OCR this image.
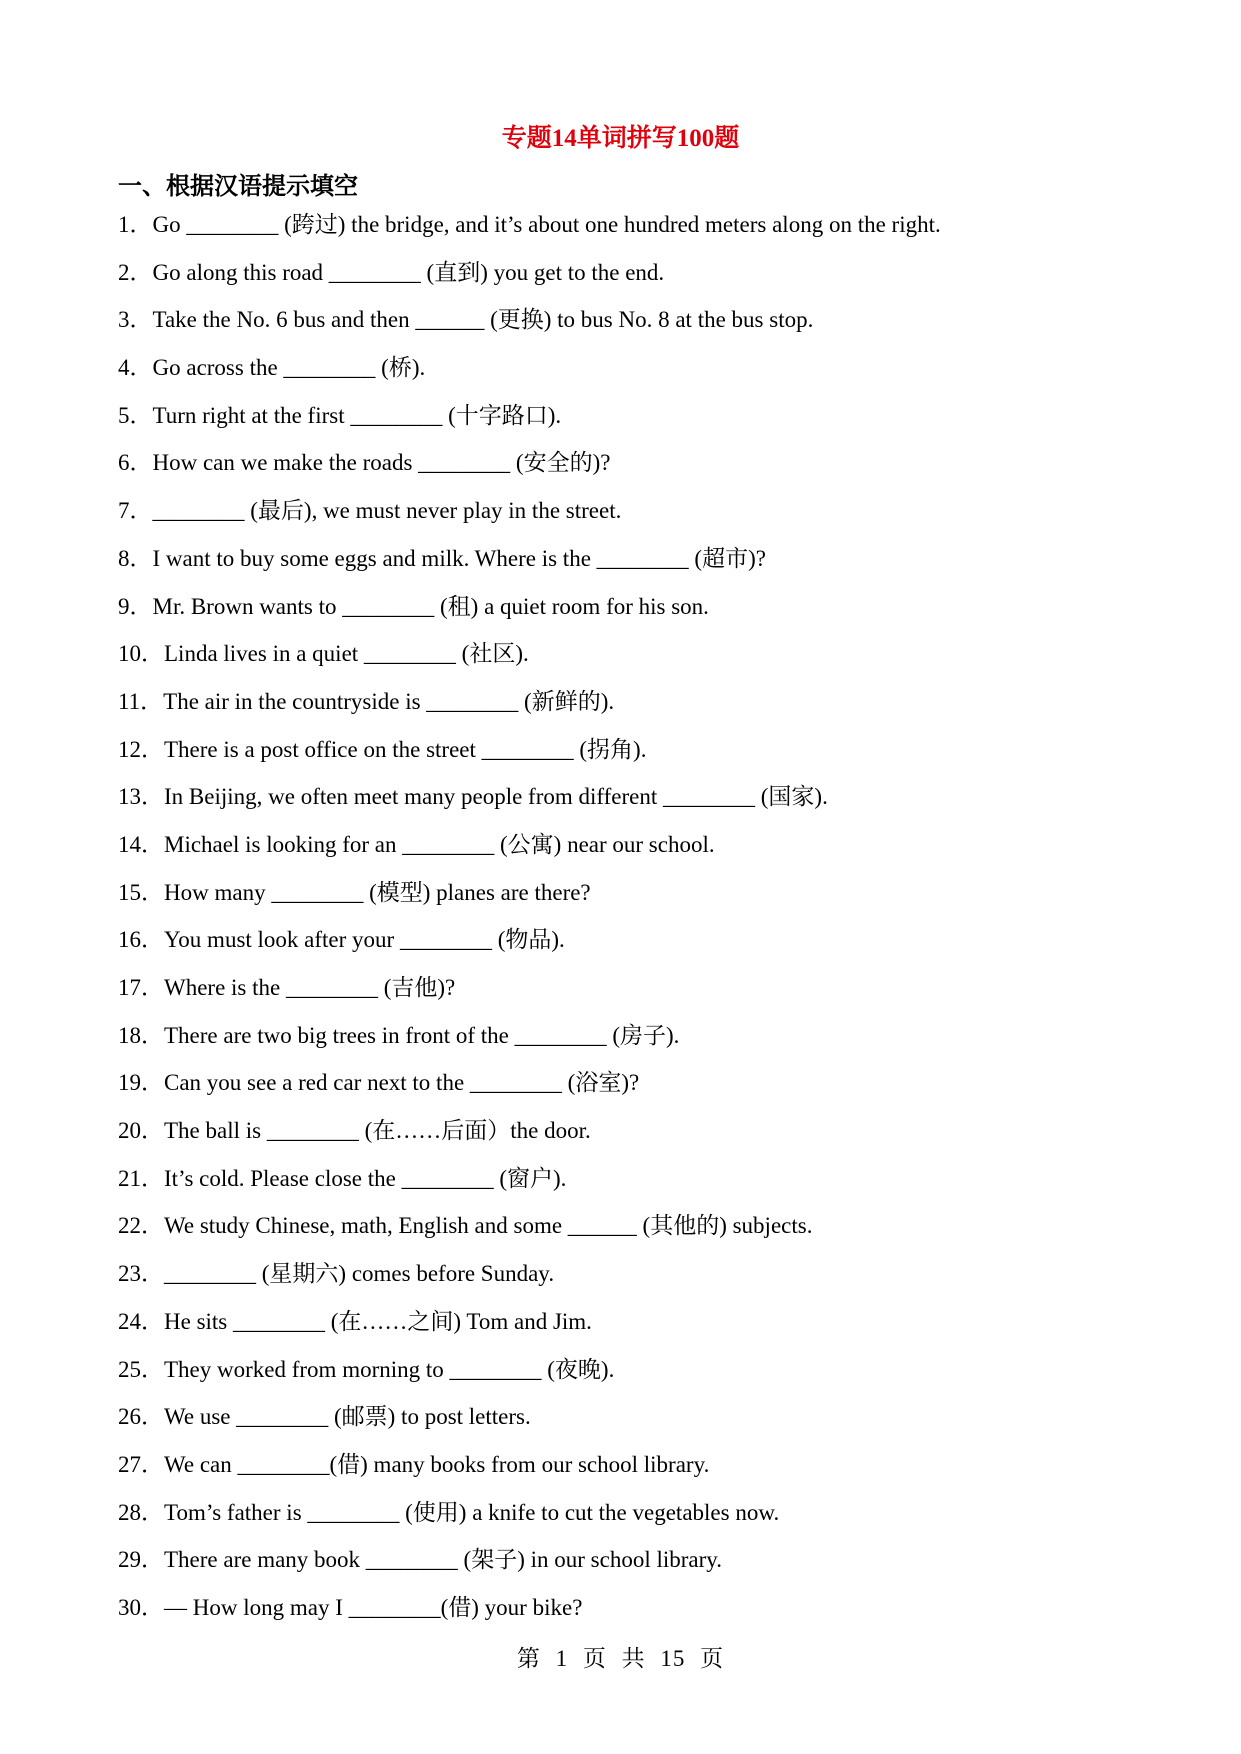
专题14单词拼写100题
一、根据汉语提示填空
1． Go ________ (跨过) the bridge, and it’s about one hundred meters along on the right.
2． Go along this road ________ (直到) you get to the end.
3． Take the No. 6 bus and then ______ (更换) to bus No. 8 at the bus stop.
4． Go across the ________ (桥).
5． Turn right at the first ________ (十字路口).
6． How can we make the roads ________ (安全的)?
7． ________ (最后), we must never play in the street.
8． I want to buy some eggs and milk. Where is the ________ (超市)?
9． Mr. Brown wants to ________ (租) a quiet room for his son.
10． Linda lives in a quiet ________ (社区).
11． The air in the countryside is ________ (新鲜的).
12． There is a post office on the street ________ (拐角).
13． In Beijing, we often meet many people from different ________ (国家).
14． Michael is looking for an ________ (公寓) near our school.
15． How many ________ (模型) planes are there?
16． You must look after your ________ (物品).
17． Where is the ________ (吉他)?
18． There are two big trees in front of the ________ (房子).
19． Can you see a red car next to the ________ (浴室)?
20． The ball is ________ (在……后面）the door.
21． It’s cold. Please close the ________ (窗户).
22． We study Chinese, math, English and some ______ (其他的) subjects.
23． ________ (星期六) comes before Sunday.
24． He sits ________ (在……之间) Tom and Jim.
25． They worked from morning to ________ (夜晚).
26． We use ________ (邮票) to post letters.
27． We can ________(借) many books from our school library.
28． Tom’s father is ________ (使用) a knife to cut the vegetables now.
29． There are many book ________ (架子) in our school library.
30． — How long may I ________(借) your bike?

第 1 页 共 15 页
